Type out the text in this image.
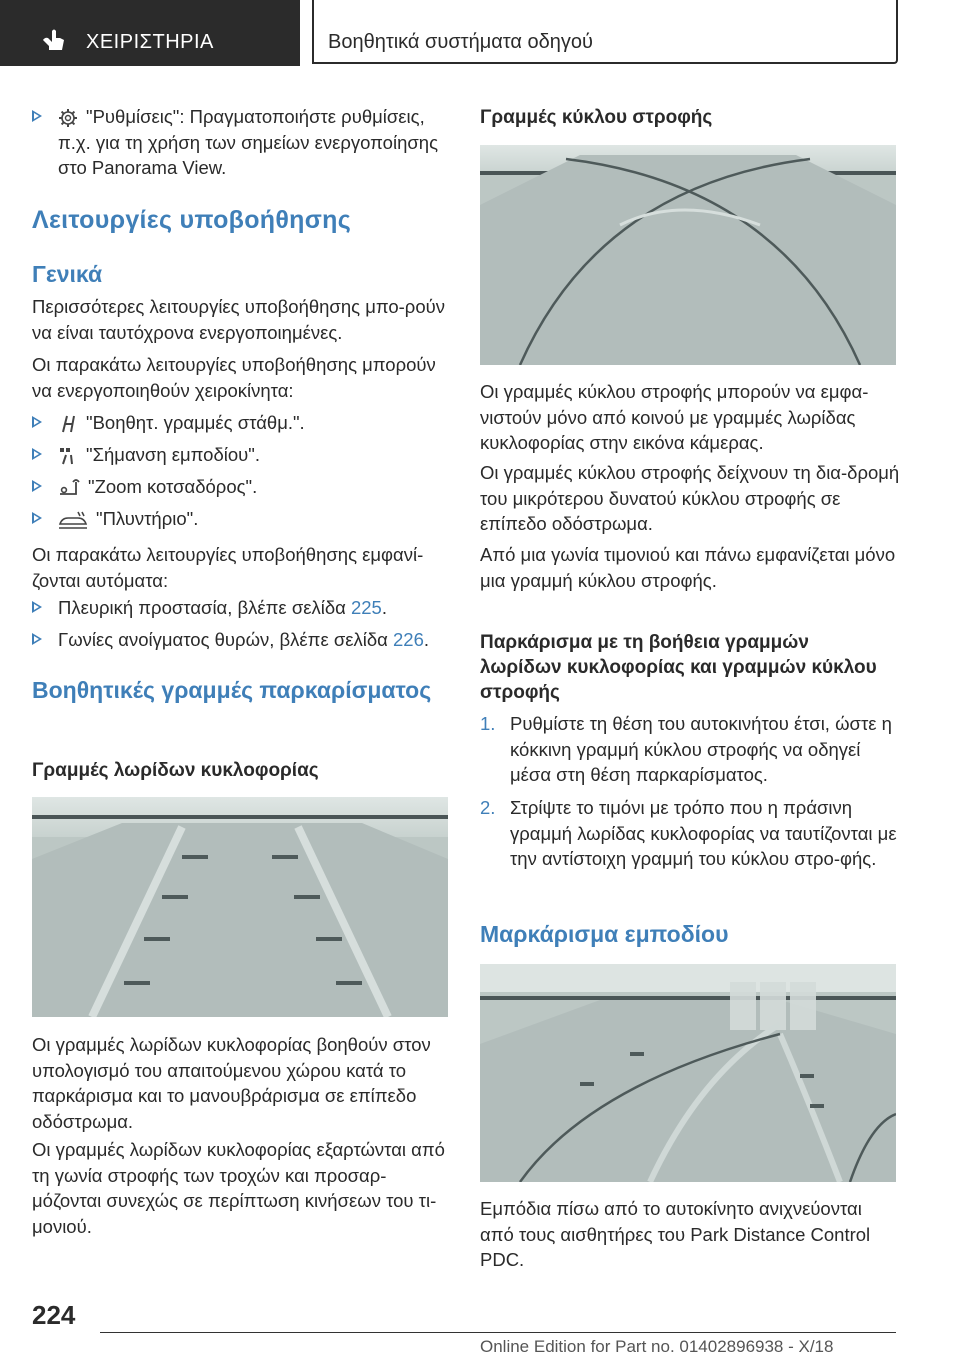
ΧΕΙΡΙΣΤΗΡΙΑ	Βοηθητικά συστήματα οδηγού
"Ρυθμίσεις": Πραγματοποιήστε ρυθμίσεις, π.χ. για τη χρήση των σημείων ενεργοποίησης στο Panorama View.
Λειτουργίες υποβοήθησης
Γενικά

Περισσότερες λειτουργίες υποβοήθησης μπο-ρούν να είναι ταυτόχρονα ενεργοποιημένες.

Οι παρακάτω λειτουργίες υποβοήθησης μπορούν να ενεργοποιηθούν χειροκίνητα:

"Βοηθητ. γραμμές στάθμ.".
"Σήμανση εμποδίου".
"Zoom κοτσαδόρος".
"Πλυντήριο".

Οι παρακάτω λειτουργίες υποβοήθησης εμφανί-ζονται αυτόματα:

Πλευρική προστασία, βλέπε σελίδα 225.
Γωνίες ανοίγματος θυρών, βλέπε σελίδα 226.
Βοηθητικές γραμμές παρκαρίσματος
Γραμμές λωρίδων κυκλοφορίας

Οι γραμμές λωρίδων κυκλοφορίας βοηθούν στον υπολογισμό του απαιτούμενου χώρου κατά το παρκάρισμα και το μανουβράρισμα σε επίπεδο οδόστρωμα.

Οι γραμμές λωρίδων κυκλοφορίας εξαρτώνται από τη γωνία στροφής των τροχών και προσαρ-μόζονται συνεχώς σε περίπτωση κινήσεων του τι-μονιού.

Γραμμές κύκλου στροφής

Οι γραμμές κύκλου στροφής μπορούν να εμφα-νιστούν μόνο από κοινού με γραμμές λωρίδας κυκλοφορίας στην εικόνα κάμερας.

Οι γραμμές κύκλου στροφής δείχνουν τη δια-δρομή του μικρότερου δυνατού κύκλου στροφής σε επίπεδο οδόστρωμα.

Από μια γωνία τιμονιού και πάνω εμφανίζεται μόνο μια γραμμή κύκλου στροφής.

Παρκάρισμα με τη βοήθεια γραμμών λωρίδων κυκλοφορίας και γραμμών κύκλου στροφής
1. Ρυθμίστε τη θέση του αυτοκινήτου έτσι, ώστε η κόκκινη γραμμή κύκλου στροφής να οδηγεί μέσα στη θέση παρκαρίσματος.
2. Στρίψτε το τιμόνι με τρόπο που η πράσινη γραμμή λωρίδας κυκλοφορίας να ταυτίζονται με την αντίστοιχη γραμμή του κύκλου στρο-φής.
Μαρκάρισμα εμποδίου

Εμπόδια πίσω από το αυτοκίνητο ανιχνεύονται από τους αισθητήρες του Park Distance Control PDC.

224
Online Edition for Part no. 01402896938 - X/18
